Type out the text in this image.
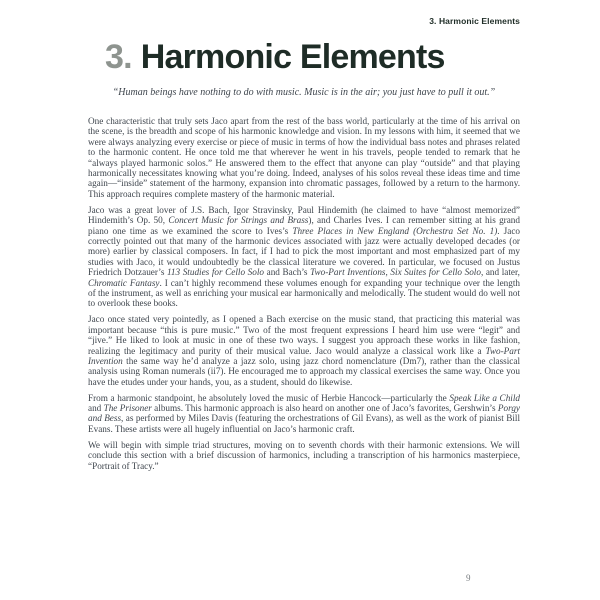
3. Harmonic Elements
3. Harmonic Elements
“Human beings have nothing to do with music. Music is in the air; you just have to pull it out.”

One characteristic that truly sets Jaco apart from the rest of the bass world, particularly at the time of his arrival on the scene, is the breadth and scope of his harmonic knowledge and vision. In my lessons with him, it seemed that we were always analyzing every exercise or piece of music in terms of how the individual bass notes and phrases related to the harmonic content. He once told me that wherever he went in his travels, people tended to remark that he “always played harmonic solos.” He answered them to the effect that anyone can play “outside” and that playing harmonically necessitates knowing what you’re doing. Indeed, analyses of his solos reveal these ideas time and time again—“inside” statement of the harmony, expansion into chromatic passages, followed by a return to the harmony. This approach requires complete mastery of the harmonic material.

Jaco was a great lover of J.S. Bach, Igor Stravinsky, Paul Hindemith (he claimed to have “almost memorized” Hindemith’s Op. 50, Concert Music for Strings and Brass), and Charles Ives. I can remember sitting at his grand piano one time as we examined the score to Ives’s Three Places in New England (Orchestra Set No. 1). Jaco correctly pointed out that many of the harmonic devices associated with jazz were actually developed decades (or more) earlier by classical composers. In fact, if I had to pick the most important and most emphasized part of my studies with Jaco, it would undoubtedly be the classical literature we covered. In particular, we focused on Justus Friedrich Dotzauer’s 113 Studies for Cello Solo and Bach’s Two-Part Inventions, Six Suites for Cello Solo, and later, Chromatic Fantasy. I can’t highly recommend these volumes enough for expanding your technique over the length of the instrument, as well as enriching your musical ear harmonically and melodically. The student would do well not to overlook these books.

Jaco once stated very pointedly, as I opened a Bach exercise on the music stand, that practicing this material was important because “this is pure music.” Two of the most frequent expressions I heard him use were “legit” and “jive.” He liked to look at music in one of these two ways. I suggest you approach these works in like fashion, realizing the legitimacy and purity of their musical value. Jaco would analyze a classical work like a Two-Part Invention the same way he’d analyze a jazz solo, using jazz chord nomenclature (Dm7), rather than the classical analysis using Roman numerals (ii7). He encouraged me to approach my classical exercises the same way. Once you have the etudes under your hands, you, as a student, should do likewise.

From a harmonic standpoint, he absolutely loved the music of Herbie Hancock—particularly the Speak Like a Child and The Prisoner albums. This harmonic approach is also heard on another one of Jaco’s favorites, Gershwin’s Porgy and Bess, as performed by Miles Davis (featuring the orchestrations of Gil Evans), as well as the work of pianist Bill Evans. These artists were all hugely influential on Jaco’s harmonic craft.

We will begin with simple triad structures, moving on to seventh chords with their harmonic extensions. We will conclude this section with a brief discussion of harmonics, including a transcription of his harmonics masterpiece, “Portrait of Tracy.”

9
